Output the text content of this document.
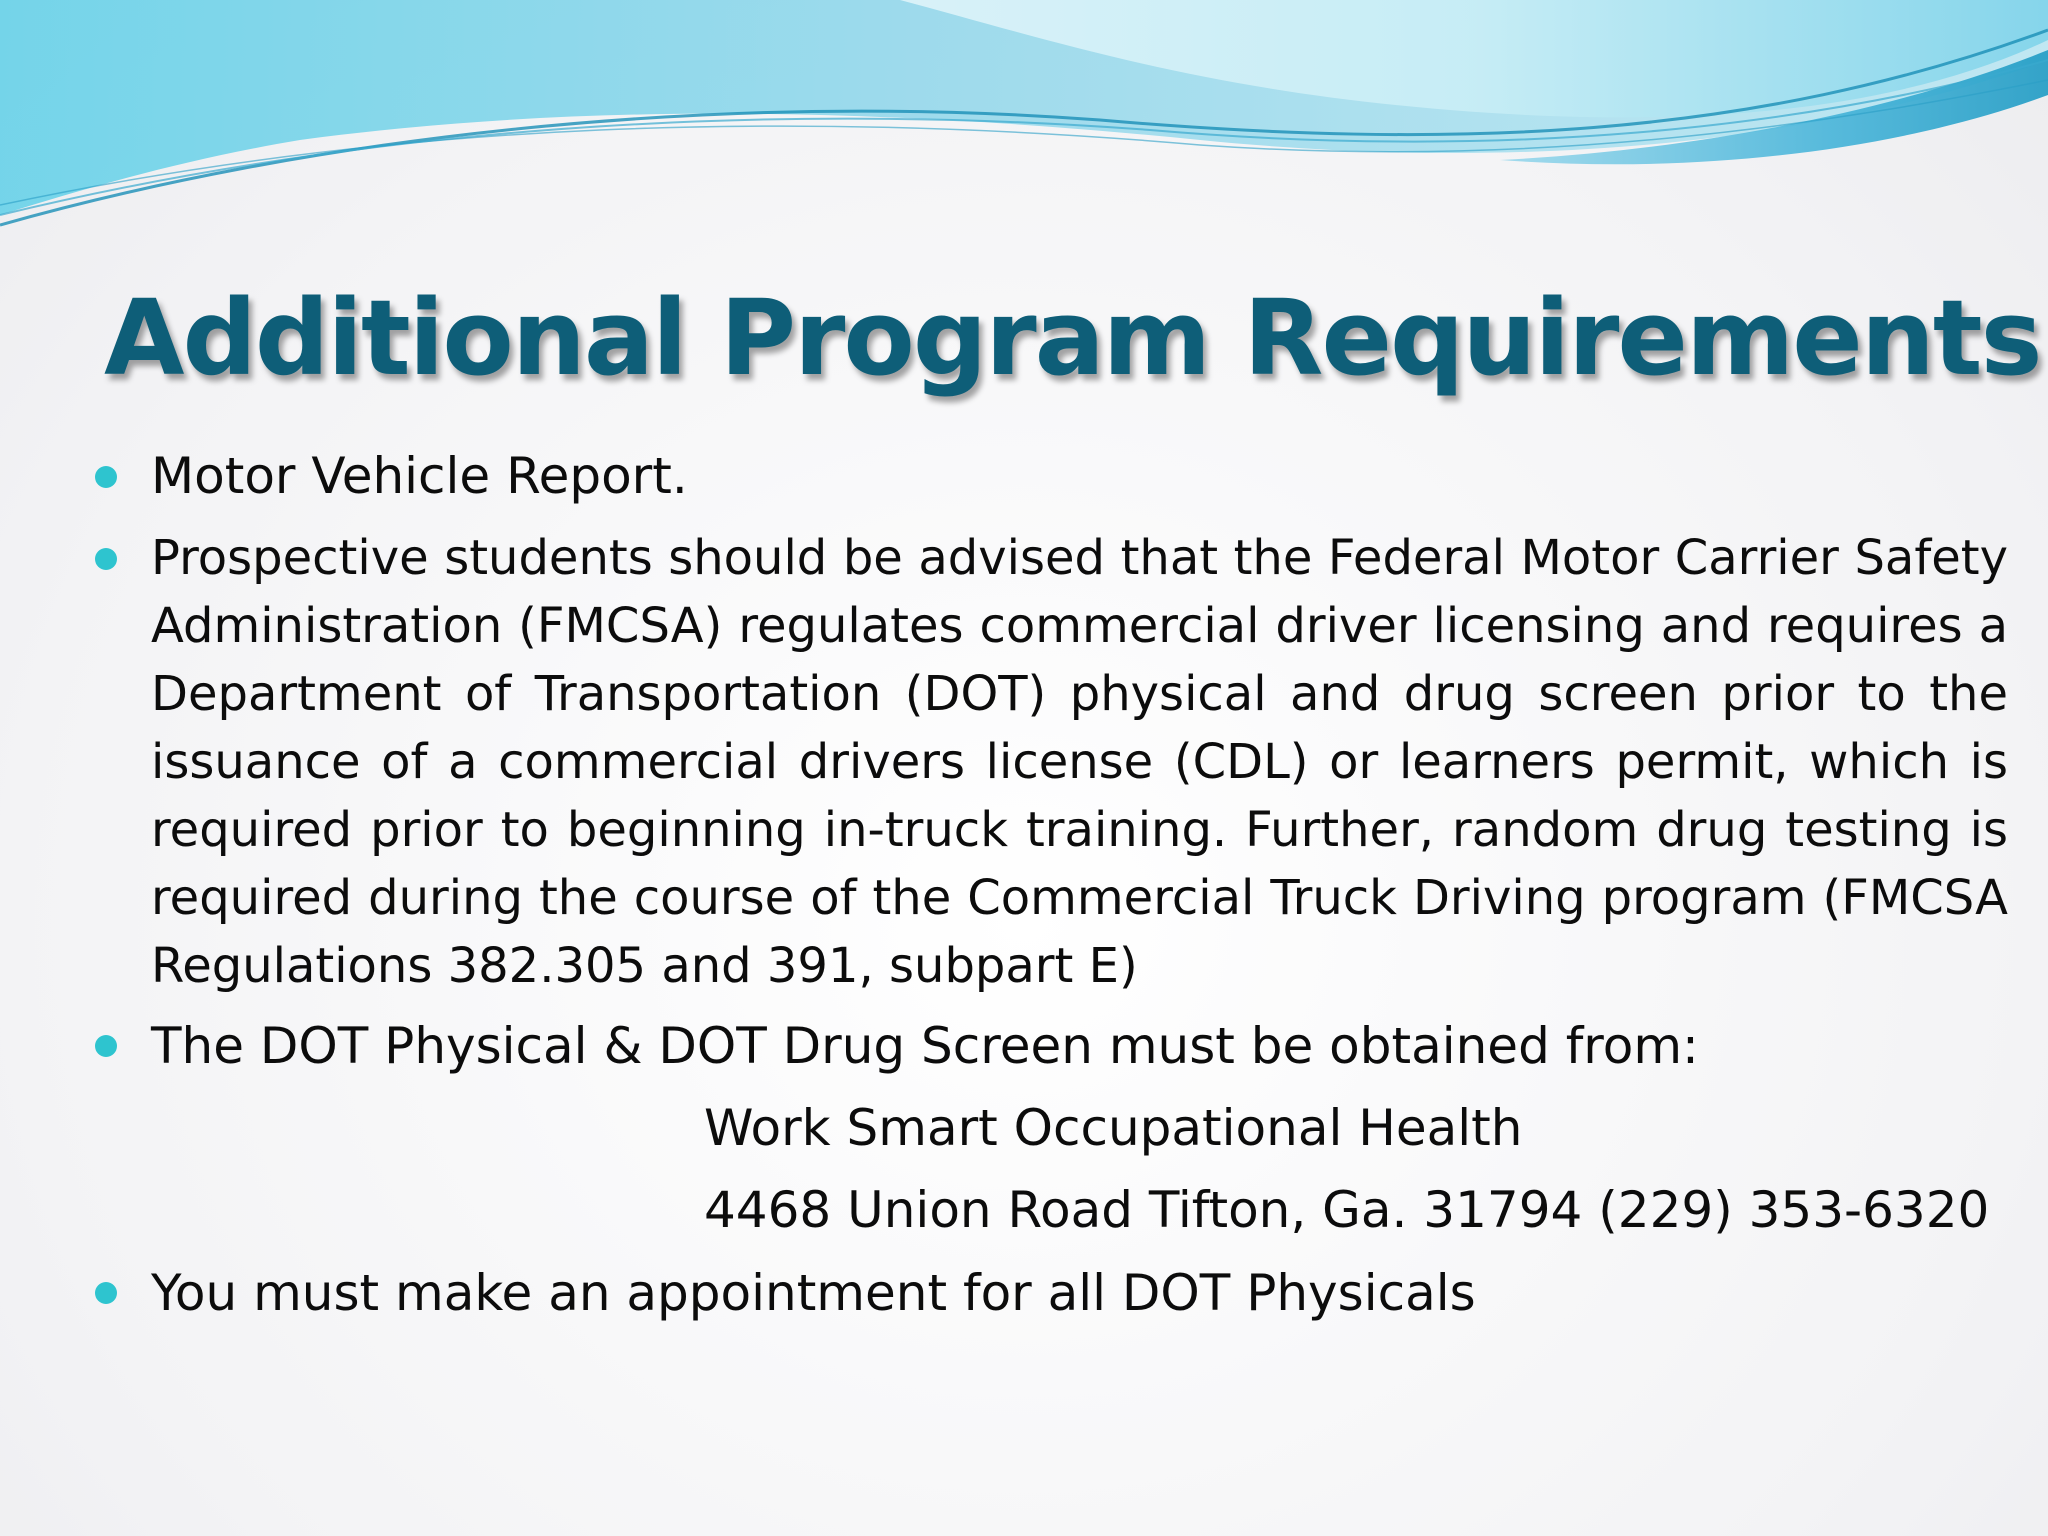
Additional Program Requirements
Motor Vehicle Report.

Prospective students should be advised that the Federal Motor Carrier Safety Administration (FMCSA) regulates commercial driver licensing and requires a Department of Transportation (DOT) physical and drug screen prior to the issuance of a commercial drivers license (CDL) or learners permit, which is required prior to beginning in-truck training. Further, random drug testing is required during the course of the Commercial Truck Driving program (FMCSA Regulations 382.305 and 391, subpart E)

The DOT Physical & DOT Drug Screen must be obtained from:
Work Smart Occupational Health
4468 Union Road Tifton, Ga. 31794 (229) 353-6320
You must make an appointment for all DOT Physicals
